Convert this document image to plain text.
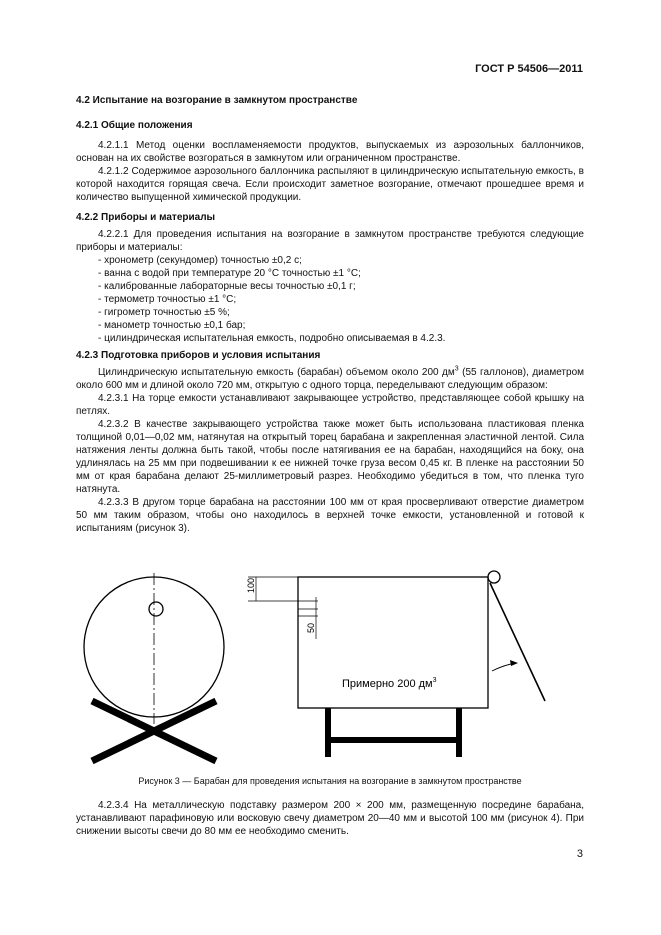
ГОСТ Р 54506—2011

4.2 Испытание на возгорание в замкнутом пространстве

4.2.1 Общие положения

4.2.1.1 Метод оценки воспламеняемости продуктов, выпускаемых из аэрозольных баллончиков, основан на их свойстве возгораться в замкнутом или ограниченном пространстве.

4.2.1.2 Содержимое аэрозольного баллончика распыляют в цилиндрическую испытательную емкость, в которой находится горящая свеча. Если происходит заметное возгорание, отмечают прошедшее время и количество выпущенной химической продукции.

4.2.2 Приборы и материалы

4.2.2.1 Для проведения испытания на возгорание в замкнутом пространстве требуются следующие приборы и материалы:

- хронометр (секундомер) точностью ±0,2 с;

- ванна с водой при температуре 20 °С точностью ±1 °С;

- калиброванные лабораторные весы точностью ±0,1 г;

- термометр точностью ±1 °С;

- гигрометр точностью ±5 %;

- манометр точностью ±0,1 бар;

- цилиндрическая испытательная емкость, подробно описываемая в 4.2.3.

4.2.3 Подготовка приборов и условия испытания

Цилиндрическую испытательную емкость (барабан) объемом около 200 $дм^3$ (55 галлонов), диаметром около 600 мм и длиной около 720 мм, открытую с одного торца, переделывают следующим образом:

4.2.3.1 На торце емкости устанавливают закрывающее устройство, представляющее собой крышку на петлях.

4.2.3.2 В качестве закрывающего устройства также может быть использована пластиковая пленка толщиной 0,01—0,02 мм, натянутая на открытый торец барабана и закрепленная эластичной лентой. Сила натяжения ленты должна быть такой, чтобы после натягивания ее на барабан, находящийся на боку, она удлинялась на 25 мм при подвешивании к ее нижней точке груза весом 0,45 кг. В пленке на расстоянии 50 мм от края барабана делают 25-миллиметровый разрез. Необходимо убедиться в том, что пленка туго натянута.

4.2.3.3 В другом торце барабана на расстоянии 100 мм от края просверливают отверстие диаметром 50 мм таким образом, чтобы оно находилось в верхней точке емкости, установленной и готовой к испытаниям (рисунок 3).

100
50
Примерно 200 $дм^3$
Рисунок 3 — Барабан для проведения испытания на возгорание в замкнутом пространстве

4.2.3.4 На металлическую подставку размером 200 × 200 мм, размещенную посредине барабана, устанавливают парафиновую или восковую свечу диаметром 20—40 мм и высотой 100 мм (рисунок 4). При снижении высоты свечи до 80 мм ее необходимо сменить.

3
